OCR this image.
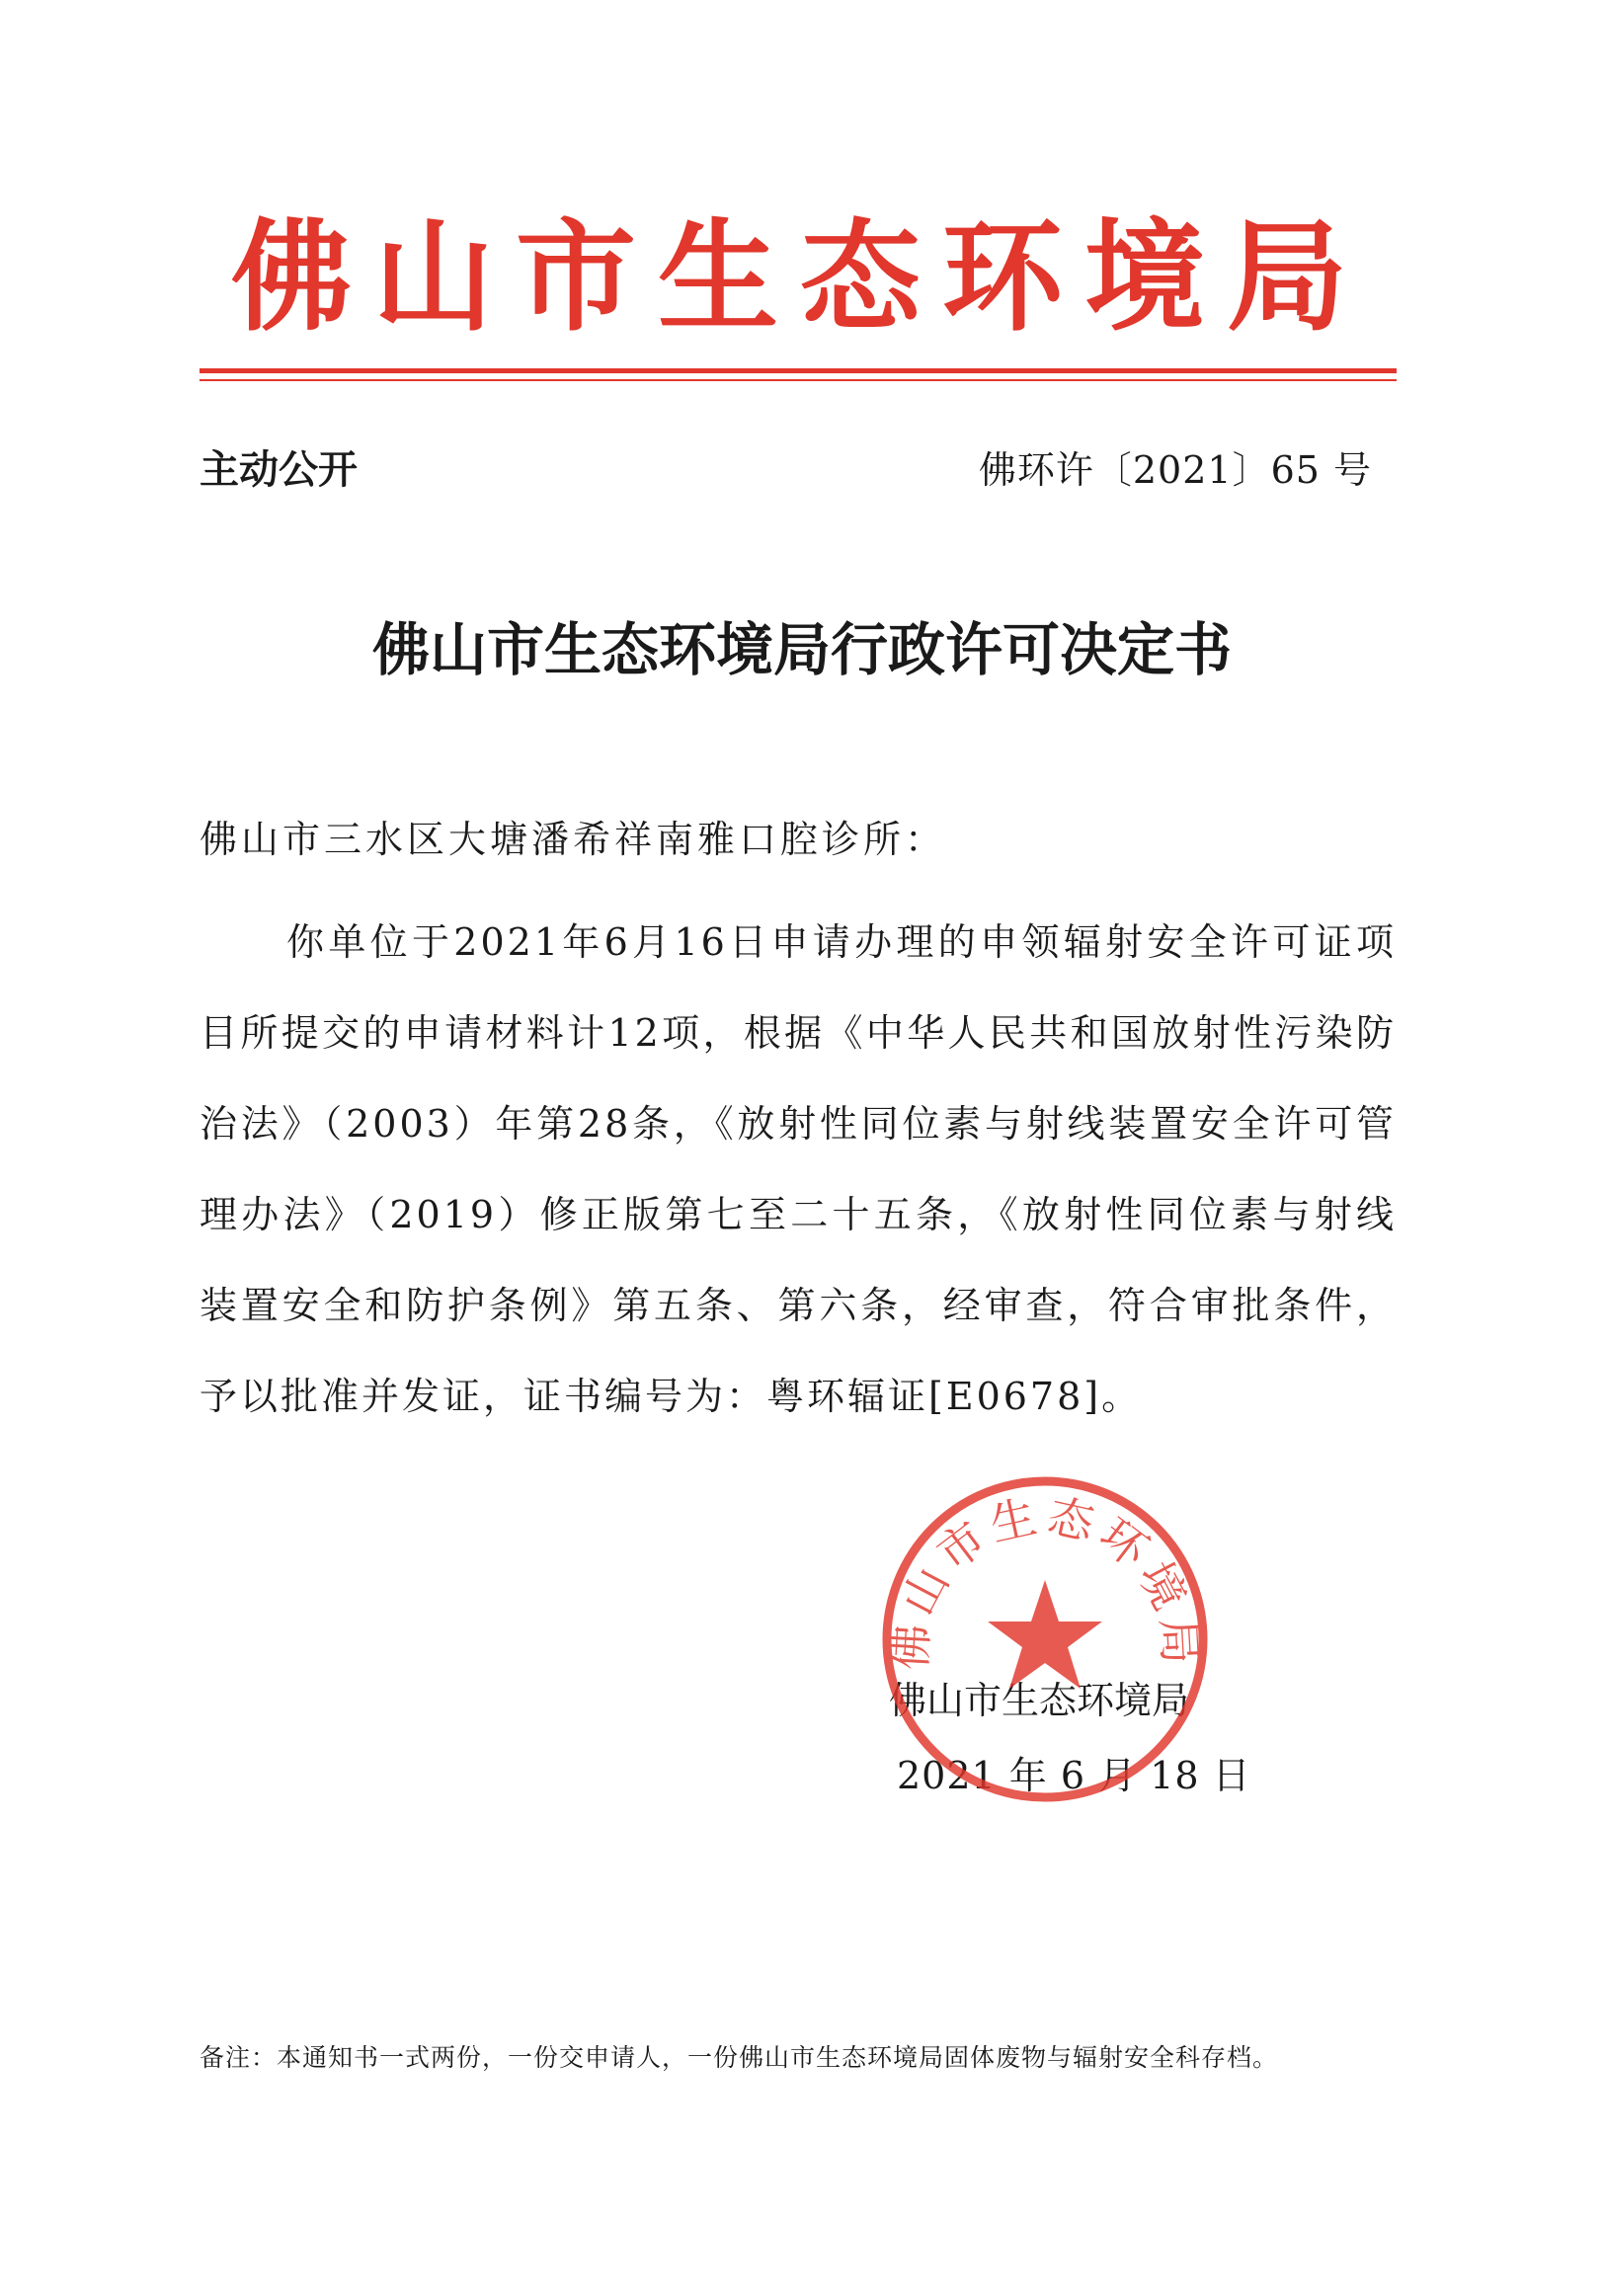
佛山市生态环境局
主动公开	佛环许〔2021〕65 号
佛山市生态环境局行政许可决定书
佛山市三水区大塘潘希祥南雅口腔诊所：

你单位于2021年6月16日申请办理的申领辐射安全许可证项目所提交的申请材料计12项，根据《中华人民共和国放射性污染防治法》（2003）年第28条，《放射性同位素与射线装置安全许可管理办法》（2019）修正版第七至二十五条，《放射性同位素与射线装置安全和防护条例》第五条、第六条，经审查，符合审批条件，予以批准并发证，证书编号为：粤环辐证[E0678]。

佛山市生态环境局
2021 年 6 月 18 日
佛山市生态环境局
备注：本通知书一式两份，一份交申请人，一份佛山市生态环境局固体废物与辐射安全科存档。
